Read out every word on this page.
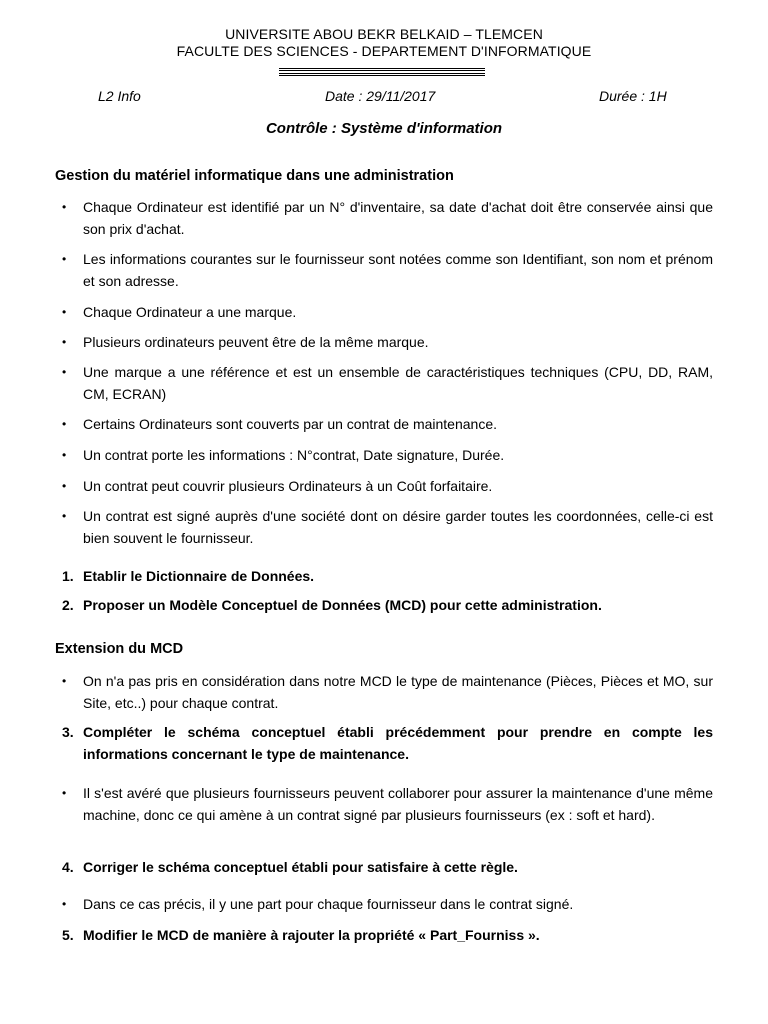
UNIVERSITE ABOU BEKR BELKAID – TLEMCEN
FACULTE DES SCIENCES - DEPARTEMENT D'INFORMATIQUE
L2 Info	Date : 29/11/2017	Durée : 1H
Contrôle : Système d'information
Gestion du matériel informatique dans une administration
• Chaque Ordinateur est identifié par un N° d'inventaire, sa date d'achat doit être conservée ainsi que son prix d'achat.
• Les informations courantes sur le fournisseur sont notées comme son Identifiant, son nom et prénom et son adresse.
• Chaque Ordinateur a une marque.
• Plusieurs ordinateurs peuvent être de la même marque.
• Une marque a une référence et est un ensemble de caractéristiques techniques (CPU, DD, RAM, CM, ECRAN)
• Certains Ordinateurs sont couverts par un contrat de maintenance.
• Un contrat porte les informations : N°contrat, Date signature, Durée.
• Un contrat peut couvrir plusieurs Ordinateurs à un Coût forfaitaire.
• Un contrat est signé auprès d'une société dont on désire garder toutes les coordonnées, celle-ci est bien souvent le fournisseur.
1. Etablir le Dictionnaire de Données.
2. Proposer un Modèle Conceptuel de Données (MCD) pour cette administration.
Extension du MCD
• On n'a pas pris en considération dans notre MCD le type de maintenance (Pièces, Pièces et MO, sur Site, etc..) pour chaque contrat.
3. Compléter le schéma conceptuel établi précédemment pour prendre en compte les informations concernant le type de maintenance.
• Il s'est avéré que plusieurs fournisseurs peuvent collaborer pour assurer la maintenance d'une même machine, donc ce qui amène à un contrat signé par plusieurs fournisseurs (ex : soft et hard).
4. Corriger le schéma conceptuel établi pour satisfaire à cette règle.
• Dans ce cas précis, il y une part pour chaque fournisseur dans le contrat signé.
5. Modifier le MCD de manière à rajouter la propriété « Part_Fourniss ».
